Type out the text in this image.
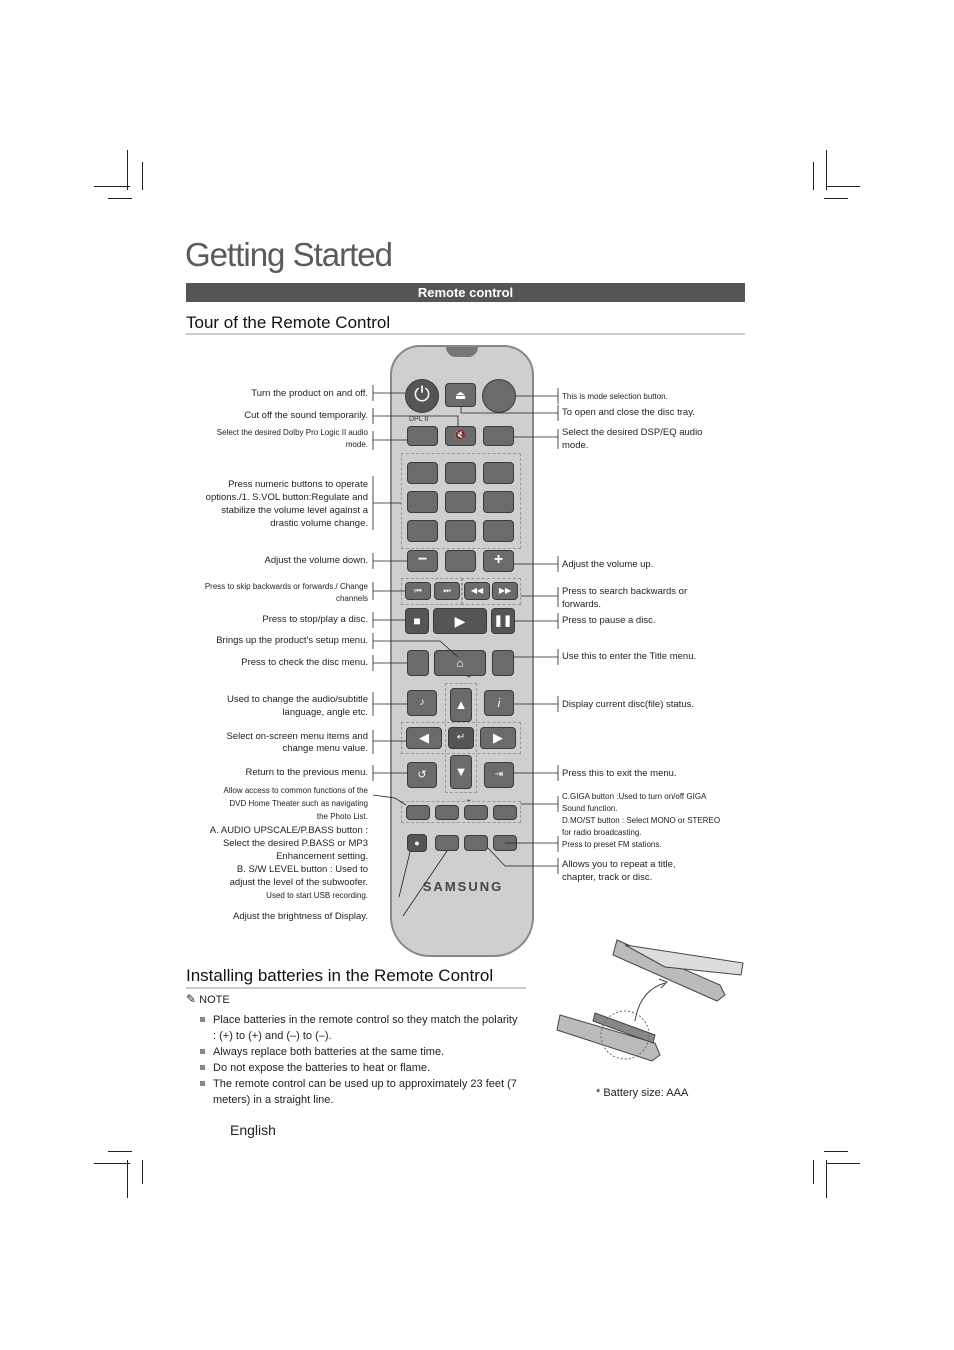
Getting Started
Remote control
Tour of the Remote Control
⏻	⏏
DPL II
🔇
−	+
⏮	⏭	◀◀	▶▶
■	▶	❚❚
⌂
⌃
♪	i
▲
◀	↵	▶
▼
↺	⇥
⌃
●
SAMSUNG
Turn the product on and off.
Cut off the sound temporarily.
Select the desired Dolby Pro Logic II audio mode.
Press numeric buttons to operate options./1. S.VOL button:Regulate and stabilize the volume level against a drastic volume change.
Adjust the volume down.
Press to skip backwards or forwards./ Change channels
Press to stop/play a disc.
Brings up the product's setup menu.
Press to check the disc menu.
Used to change the audio/subtitle language, angle etc.
Select on-screen menu items and change menu value.
Return to the previous menu.
Allow access to common functions of the DVD Home Theater such as navigating the Photo List.
A. AUDIO UPSCALE/P.BASS button : Select the desired P.BASS or MP3 Enhancement setting.
B. S/W LEVEL button : Used to adjust the level of the subwoofer.
Used to start USB recording.
Adjust the brightness of Display.
This is mode selection button.
To open and close the disc tray.
Select the desired DSP/EQ audio mode.
Adjust the volume up.
Press to search backwards or forwards.
Press to pause a disc.
Use this to enter the Title menu.
Display current disc(file) status.
Press this to exit the menu.
C.GIGA button :Used to turn on/off GIGA Sound function.
D.MO/ST button : Select MONO or STEREO for radio broadcasting.
Press to preset FM stations.
Allows you to repeat a title, chapter, track or disc.
Installing batteries in the Remote Control
✎ NOTE
Place batteries in the remote control so they match the polarity : (+) to (+) and (–) to (–).
Always replace both batteries at the same time.
Do not expose the batteries to heat or flame.
The remote control can be used up to approximately 23 feet (7 meters) in a straight line.
* Battery size: AAA
English
